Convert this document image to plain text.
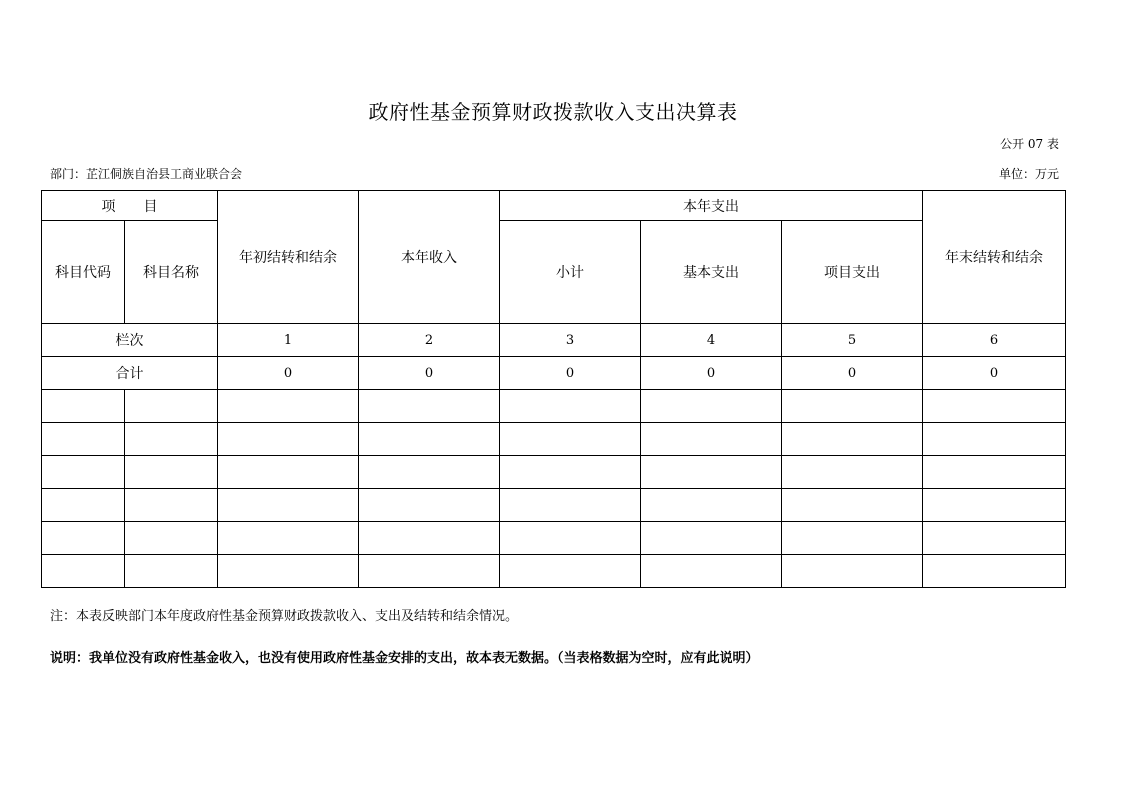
政府性基金预算财政拨款收入支出决算表
公开 07 表
部门：芷江侗族自治县工商业联合会	单位：万元
项　　目		年初结转和结余	本年收入	本年支出			年末结转和结余
科目代码	科目名称			小计	基本支出	项目支出	
栏次		1	2	3	4	5	6
合计		0	0	0	0	0	0

注：本表反映部门本年度政府性基金预算财政拨款收入、支出及结转和结余情况。
说明：我单位没有政府性基金收入，也没有使用政府性基金安排的支出，故本表无数据。（当表格数据为空时，应有此说明）
